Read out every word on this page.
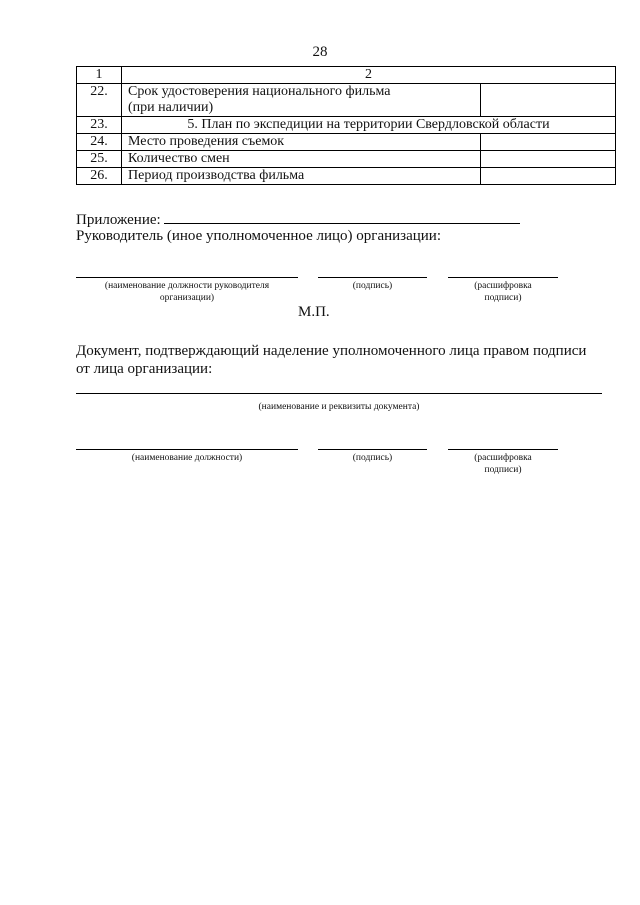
28
1	2	
22.	Срок удостоверения национального фильма
(при наличии)	

23.	5. План по экспедиции на территории Свердловской области	
24.	Место проведения съемок	
25.	Количество смен	
26.	Период производства фильма	
Приложение:
Руководитель (иное уполномоченное лицо) организации:
(наименование должности руководителя
организации)
(подпись)	(расшифровка
подписи)
М.П.
Документ, подтверждающий наделение уполномоченного лица правом подписи
от лица организации:
(наименование и реквизиты документа)
(наименование должности)	(подпись)	(расшифровка
подписи)
